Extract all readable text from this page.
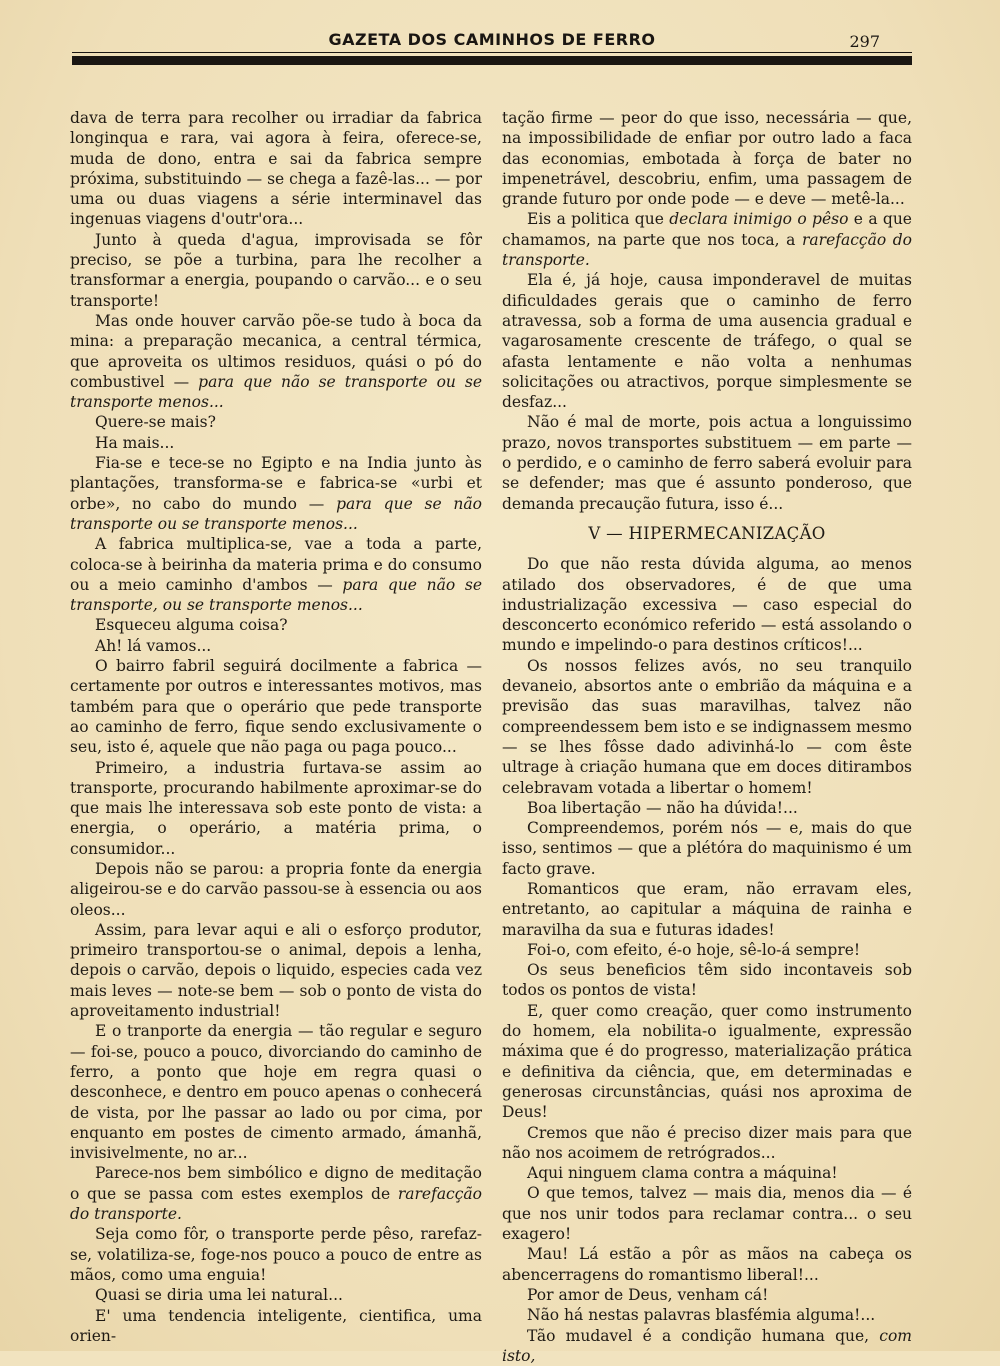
GAZETA DOS CAMINHOS DE FERRO	297

dava de terra para recolher ou irradiar da fabrica longinqua e rara, vai agora à feira, oferece-se, muda de dono, entra e sai da fabrica sempre próxima, substituindo — se chega a fazê-las... — por uma ou duas viagens a série interminavel das ingenuas viagens d'outr'ora...

Junto à queda d'agua, improvisada se fôr preciso, se põe a turbina, para lhe recolher a transformar a energia, poupando o carvão... e o seu transporte!

Mas onde houver carvão põe-se tudo à boca da mina: a preparação mecanica, a central térmica, que aproveita os ultimos residuos, quási o pó do combustivel — para que não se transporte ou se transporte menos...

Quere-se mais?

Ha mais...

Fia-se e tece-se no Egipto e na India junto às plantações, transforma-se e fabrica-se «urbi et orbe», no cabo do mundo — para que se não transporte ou se transporte menos...

A fabrica multiplica-se, vae a toda a parte, coloca-se à beirinha da materia prima e do consumo ou a meio caminho d'ambos — para que não se transporte, ou se transporte menos...

Esqueceu alguma coisa?

Ah! lá vamos...

O bairro fabril seguirá docilmente a fabrica — certamente por outros e interessantes motivos, mas também para que o operário que pede transporte ao caminho de ferro, fique sendo exclusivamente o seu, isto é, aquele que não paga ou paga pouco...

Primeiro, a industria furtava-se assim ao transporte, procurando habilmente aproximar-se do que mais lhe interessava sob este ponto de vista: a energia, o operário, a matéria prima, o consumidor...

Depois não se parou: a propria fonte da energia aligeirou-se e do carvão passou-se à essencia ou aos oleos...

Assim, para levar aqui e ali o esforço produtor, primeiro transportou-se o animal, depois a lenha, depois o carvão, depois o liquido, especies cada vez mais leves — note-se bem — sob o ponto de vista do aproveitamento industrial!

E o tranporte da energia — tão regular e seguro — foi-se, pouco a pouco, divorciando do caminho de ferro, a ponto que hoje em regra quasi o desconhece, e dentro em pouco apenas o conhecerá de vista, por lhe passar ao lado ou por cima, por enquanto em postes de cimento armado, ámanhã, invisivelmente, no ar...

Parece-nos bem simbólico e digno de meditação o que se passa com estes exemplos de rarefacção do transporte.

Seja como fôr, o transporte perde pêso, rarefaz-se, volatiliza-se, foge-nos pouco a pouco de entre as mãos, como uma enguia!

Quasi se diria uma lei natural...

E' uma tendencia inteligente, cientifica, uma orien-

tação firme — peor do que isso, necessária — que, na impossibilidade de enfiar por outro lado a faca das economias, embotada à força de bater no impenetrável, descobriu, enfim, uma passagem de grande futuro por onde pode — e deve — metê-la...

Eis a politica que declara inimigo o pêso e a que chamamos, na parte que nos toca, a rarefacção do transporte.

Ela é, já hoje, causa imponderavel de muitas dificuldades gerais que o caminho de ferro atravessa, sob a forma de uma ausencia gradual e vagarosamente crescente de tráfego, o qual se afasta lentamente e não volta a nenhumas solicitações ou atractivos, porque simplesmente se desfaz...

Não é mal de morte, pois actua a longuissimo prazo, novos transportes substituem — em parte — o perdido, e o caminho de ferro saberá evoluir para se defender; mas que é assunto ponderoso, que demanda precaução futura, isso é...

V — HIPERMECANIZAÇÃO

Do que não resta dúvida alguma, ao menos atilado dos observadores, é de que uma industrialização excessiva — caso especial do desconcerto económico referido — está assolando o mundo e impelindo-o para destinos críticos!...

Os nossos felizes avós, no seu tranquilo devaneio, absortos ante o embrião da máquina e a previsão das suas maravilhas, talvez não compreendessem bem isto e se indignassem mesmo — se lhes fôsse dado adivinhá-lo — com êste ultrage à criação humana que em doces ditirambos celebravam votada a libertar o homem!

Boa libertação — não ha dúvida!...

Compreendemos, porém nós — e, mais do que isso, sentimos — que a plétóra do maquinismo é um facto grave.

Romanticos que eram, não erravam eles, entretanto, ao capitular a máquina de rainha e maravilha da sua e futuras idades!

Foi-o, com efeito, é-o hoje, sê-lo-á sempre!

Os seus beneficios têm sido incontaveis sob todos os pontos de vista!

E, quer como creação, quer como instrumento do homem, ela nobilita-o igualmente, expressão máxima que é do progresso, materialização prática e definitiva da ciência, que, em determinadas e generosas circunstâncias, quási nos aproxima de Deus!

Cremos que não é preciso dizer mais para que não nos acoimem de retrógrados...

Aqui ninguem clama contra a máquina!

O que temos, talvez — mais dia, menos dia — é que nos unir todos para reclamar contra... o seu exagero!

Mau! Lá estão a pôr as mãos na cabeça os abencerragens do romantismo liberal!...

Por amor de Deus, venham cá!

Não há nestas palavras blasfémia alguma!...

Tão mudavel é a condição humana que, com isto,
